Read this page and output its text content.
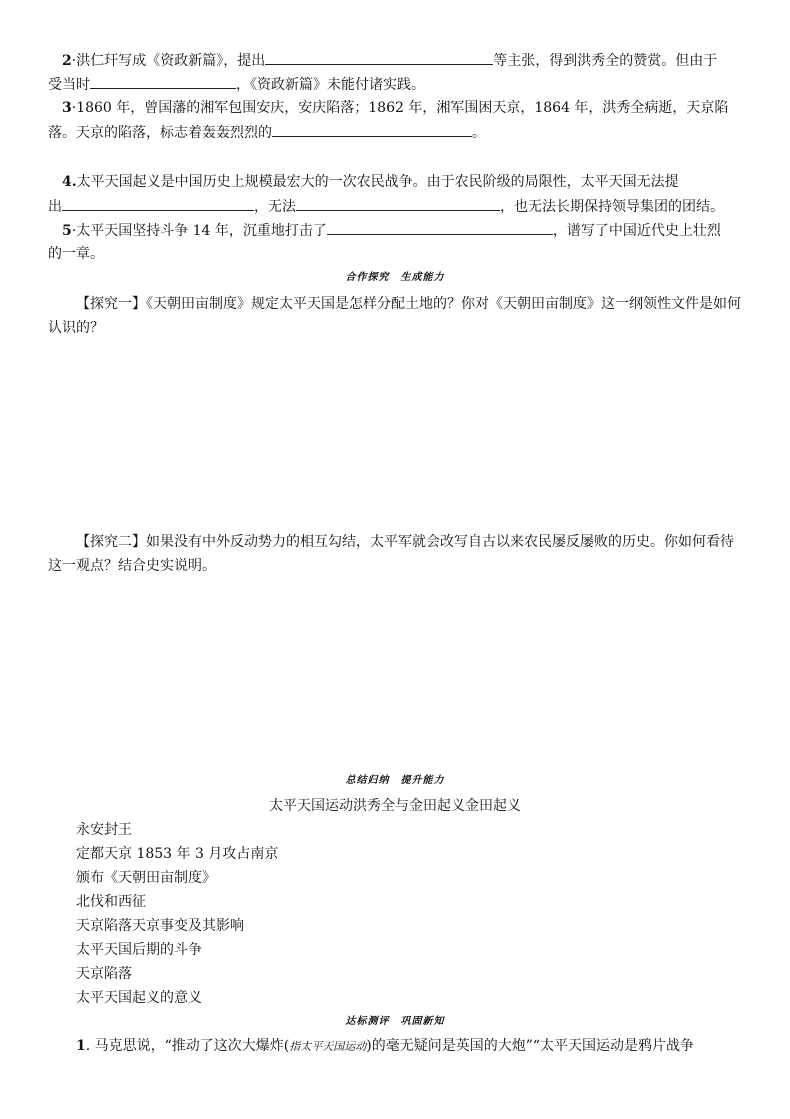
2·洪仁玕写成《资政新篇》，提出	等主张，得到洪秀全的赞赏。但由于
受当时	，《资政新篇》未能付诸实践。
3·1860 年，曾国藩的湘军包围安庆，安庆陷落；1862 年，湘军围困天京，1864 年，洪秀全病逝，天京陷
落。天京的陷落，标志着轰轰烈烈的	。
4.太平天国起义是中国历史上规模最宏大的一次农民战争。由于农民阶级的局限性，太平天国无法提
出	，无法	，也无法长期保持领导集团的团结。
5·太平天国坚持斗争 14 年，沉重地打击了	，谱写了中国近代史上壮烈
的一章。
合作探究　生成能力
【探究一】《天朝田亩制度》规定太平天国是怎样分配土地的？你对《天朝田亩制度》这一纲领性文件是如何
认识的？
【探究二】如果没有中外反动势力的相互勾结，太平军就会改写自古以来农民屡反屡败的历史。你如何看待
这一观点？结合史实说明。
总结归纳　提升能力
太平天国运动洪秀全与金田起义金田起义
永安封王
定都天京 1853 年 3 月攻占南京
颁布《天朝田亩制度》
北伐和西征
天京陷落天京事变及其影响
太平天国后期的斗争
天京陷落
太平天国起义的意义
达标测评　巩固新知
1. 马克思说，“推动了这次大爆炸(指太平天国运动)的毫无疑问是英国的大炮”“太平天国运动是鸦片战争
